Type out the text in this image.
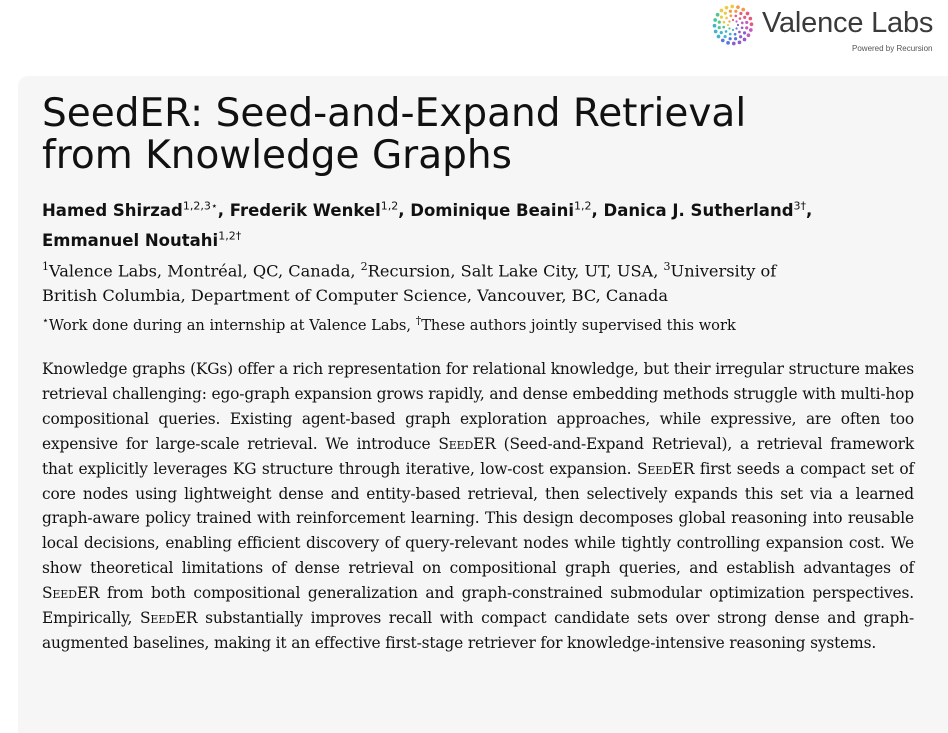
Valence Labs
Powered by Recursion
SeedER: Seed-and-Expand Retrieval
from Knowledge Graphs
Hamed Shirzad$^{1,2,3⋆}$, Frederik Wenkel$^{1,2}$, Dominique Beaini$^{1,2}$, Danica J. Sutherland$^{3\dagger}$,
Emmanuel Noutahi$^{1,2\dagger}$
$^1$Valence Labs, Montréal, QC, Canada, $^2$Recursion, Salt Lake City, UT, USA, $^3$University of
British Columbia, Department of Computer Science, Vancouver, BC, Canada
⋆Work done during an internship at Valence Labs, †These authors jointly supervised this work
Knowledge graphs (KGs) offer a rich representation for relational knowledge, but their irregular structure makes retrieval challenging: ego-graph expansion grows rapidly, and dense embedding methods struggle with multi-hop compositional queries. Existing agent-based graph exploration approaches, while expressive, are often too expensive for large-scale retrieval. We introduce SeedER (Seed-and-Expand Retrieval), a retrieval framework that explicitly leverages KG structure through iterative, low-cost expansion. SeedER first seeds a compact set of core nodes using lightweight dense and entity-based retrieval, then selectively expands this set via a learned graph-aware policy trained with reinforcement learning. This design decomposes global reasoning into reusable local decisions, enabling efficient discovery of query-relevant nodes while tightly controlling expansion cost. We show theoretical limitations of dense retrieval on compositional graph queries, and establish advantages of SeedER from both compositional generalization and graph-constrained submodular optimization perspectives. Empirically, SeedER substantially improves recall with compact candidate sets over strong dense and graph-augmented baselines, making it an effective first-stage retriever for knowledge-intensive reasoning systems.
